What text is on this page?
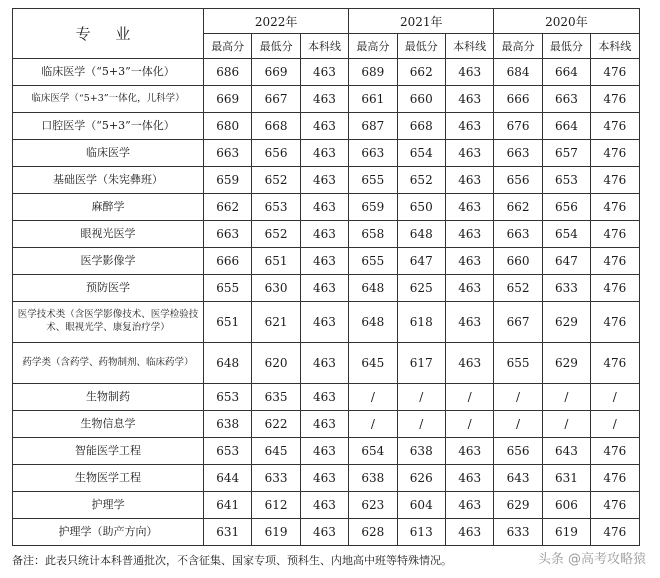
专 业	2022年			2021年			2020年		
	最高分	最低分	本科线	最高分	最低分	本科线	最高分	最低分	本科线
临床医学（“5+3”一体化）	686	669	463	689	662	463	684	664	476
临床医学（“5+3”一体化，儿科学）	669	667	463	661	660	463	666	663	476
口腔医学（“5+3”一体化）	680	668	463	687	668	463	676	664	476
临床医学	663	656	463	663	654	463	663	657	476
基础医学（朱宪彝班）	659	652	463	655	652	463	656	653	476
麻醉学	662	653	463	659	650	463	662	656	476
眼视光医学	663	652	463	658	648	463	663	654	476
医学影像学	666	651	463	655	647	463	660	647	476
预防医学	655	630	463	648	625	463	652	633	476
医学技术类（含医学影像技术、医学检验技术、眼视光学、康复治疗学）	651	621	463	648	618	463	667	629	476
药学类（含药学、药物制剂、临床药学）	648	620	463	645	617	463	655	629	476
生物制药	653	635	463	/	/	/	/	/	/
生物信息学	638	622	463	/	/	/	/	/	/
智能医学工程	653	645	463	654	638	463	656	643	476
生物医学工程	644	633	463	638	626	463	643	631	476
护理学	641	612	463	623	604	463	629	606	476
护理学（助产方向）	631	619	463	628	613	463	633	619	476
备注：此表只统计本科普通批次，不含征集、国家专项、预科生、内地高中班等特殊情况。	头条 @高考攻略猿
